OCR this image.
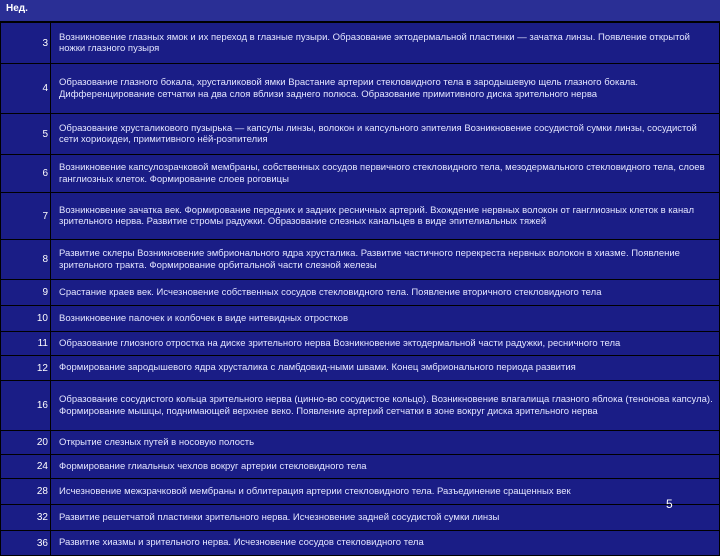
Нед.
3	Возникновение глазных ямок и их переход в глазные пузыри. Образование эктодермальной пластинки — зачатка линзы. Появление открытой ножки глазного пузыря
4	Образование глазного бокала, хрусталиковой ямки Врастание артерии стекловидного тела в зародышевую щель глазного бокала. Дифференцирование сетчатки на два слоя вблизи заднего полюса. Образование примитивного диска зрительного нерва
5	Образование хрусталикового пузырька — капсулы линзы, волокон и капсульного эпителия Возникновение сосудистой сумки линзы, сосудистой сети хориоидеи, примитивного нёй-роэпителия
6	Возникновение капсулозрачковой мембраны, собственных сосудов первичного стекловидного тела, мезодермального стекловидного тела, слоев ганглиозных клеток. Формирование слоев роговицы
7	Возникновение зачатка век. Формирование передних и задних ресничных артерий. Вхождение нервных волокон от ганглиозных клеток в канал зрительного нерва. Развитие стромы радужки. Образование слезных канальцев в виде эпителиальных тяжей
8	Развитие склеры Возникновение эмбрионального ядра хрусталика. Развитие частичного перекреста нервных волокон в хиазме. Появление зрительного тракта. Формирование орбитальной части слезной железы
9	Срастание краев век. Исчезновение собственных сосудов стекловидного тела. Появление вторичного стекловидного тела
10	Возникновение палочек и колбочек в виде нитевидных отростков
11	Образование глиозного отростка на диске зрительного нерва Возникновение эктодермальной части радужки, ресничного тела
12	Формирование зародышевого ядра хрусталика с ламбдовид-ными швами. Конец эмбрионального периода развития
16	Образование сосудистого кольца зрительного нерва (цинно-во сосудистое кольцо). Возникновение влагалища глазного яблока (тенонова капсула). Формирование мышцы, поднимающей верхнее веко. Появление артерий сетчатки в зоне вокруг диска зрительного нерва
20	Открытие слезных путей в носовую полость
24	Формирование глиальных чехлов вокруг артерии стекловидного тела
28	Исчезновение межзрачковой мембраны и облитерация артерии стекловидного тела. Разъединение сращенных век
32	Развитие решетчатой пластинки зрительного нерва. Исчезновение задней сосудистой сумки линзы
36	Развитие хиазмы и зрительного нерва. Исчезновение сосудов стекловидного тела
5
